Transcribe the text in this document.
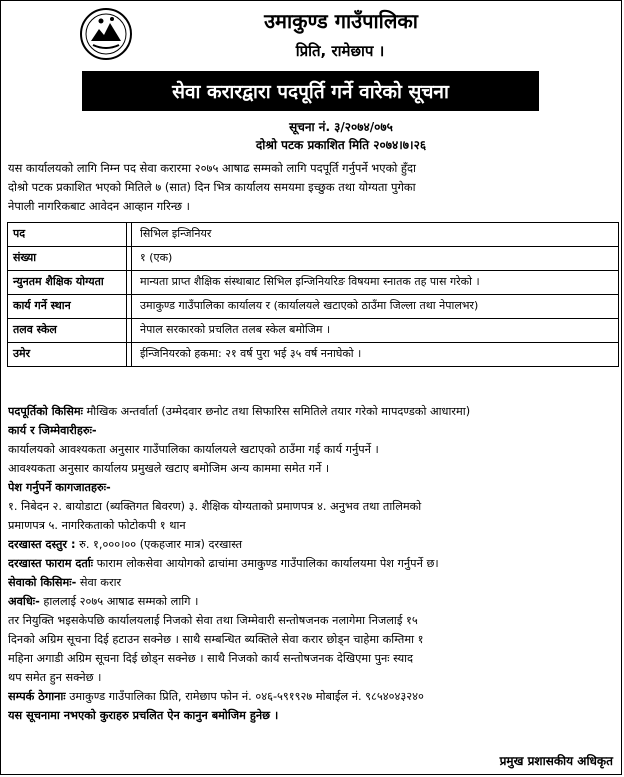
उमाकुण्ड गाउँपालिका
प्रिति, रामेछाप ।
सेवा करारद्वारा पदपूर्ति गर्ने वारेको सूचना
सूचना नं. ३/२०७४/०७५
दोश्रो पटक प्रकाशित मिति २०७४।७।२६
यस कार्यालयको लागि निम्न पद सेवा करारमा २०७५ आषाढ सम्मको लागि पदपूर्ति गर्नुपर्ने भएको हुँदा
दोश्रो पटक प्रकाशित भएको मितिले ७ (सात) दिन भित्र कार्यालय समयमा इच्छुक तथा योग्यता पुगेका
नेपाली नागरिकबाट आवेदन आव्हान गरिन्छ ।
पद	सिभिल इन्जिनियर
संख्या	१ (एक)
न्युनतम शैक्षिक योग्यता	मान्यता प्राप्त शैक्षिक संस्थाबाट सिभिल इन्जिनियरिङ विषयमा स्नातक तह पास गरेको ।
कार्य गर्ने स्थान	उमाकुण्ड गाउँपालिका कार्यालय र (कार्यालयले खटाएको ठाउँमा जिल्ला तथा नेपालभर)
तलव स्केल	नेपाल सरकारको प्रचलित तलब स्केल बमोजिम ।
उमेर	ईन्जिनियरको हकमा: २१ वर्ष पुरा भई ३५ वर्ष ननाघेको ।
पदपूर्तिको किसिमः मौखिक अन्तर्वार्ता (उम्मेदवार छनोट तथा सिफारिस समितिले तयार गरेको मापदण्डको आधारमा)
कार्य र जिम्मेवारीहरुः-
कार्यालयको आवश्यकता अनुसार गाउँपालिका कार्यालयले खटाएको ठाउँमा गई कार्य गर्नुपर्ने ।
आवश्यकता अनुसार कार्यालय प्रमुखले खटाए बमोजिम अन्य काममा समेत गर्ने ।
पेश गर्नुपर्ने कागजातहरुः-
१. निबेदन २. बायोडाटा (ब्यक्तिगत बिवरण) ३. शैक्षिक योग्यताको प्रमाणपत्र ४. अनुभव तथा तालिमको
प्रमाणपत्र ५. नागरिकताको फोटोकपी १ थान
दरखास्त दस्तुर : रु. १,०००।०० (एकहजार मात्र) दरखास्त
दरखास्त फाराम दर्ताः फाराम लोकसेवा आयोगको ढाचांमा उमाकुण्ड गाउँपालिका कार्यालयमा पेश गर्नुपर्ने छ।
सेवाको किसिमः- सेवा करार
अवधिः- हाललाई २०७५ आषाढ सम्मको लागि ।
तर नियुक्ति भइसकेपछि कार्यालयलाई निजको सेवा तथा जिम्मेवारी सन्तोषजनक नलागेमा निजलाई १५
दिनको अग्रिम सूचना दिई हटाउन सक्नेछ । साथै सम्बन्धित ब्यक्तिले सेवा करार छोड्न चाहेमा कम्तिमा १
महिना अगाडी अग्रिम सूचना दिई छोड्न सक्नेछ । साथै निजको कार्य सन्तोषजनक देखिएमा पुनः स्याद
थप समेत हुन सक्नेछ ।
सम्पर्क ठेगानाः उमाकुण्ड गाउँपालिका प्रिति, रामेछाप फोन नं. ०४६-५९१९२७ मोबाईल नं. ९८५४०४३२४०
यस सूचनामा नभएको कुराहरु प्रचलित ऐन कानुन बमोजिम हुनेछ ।
प्रमुख प्रशासकीय अधिकृत
